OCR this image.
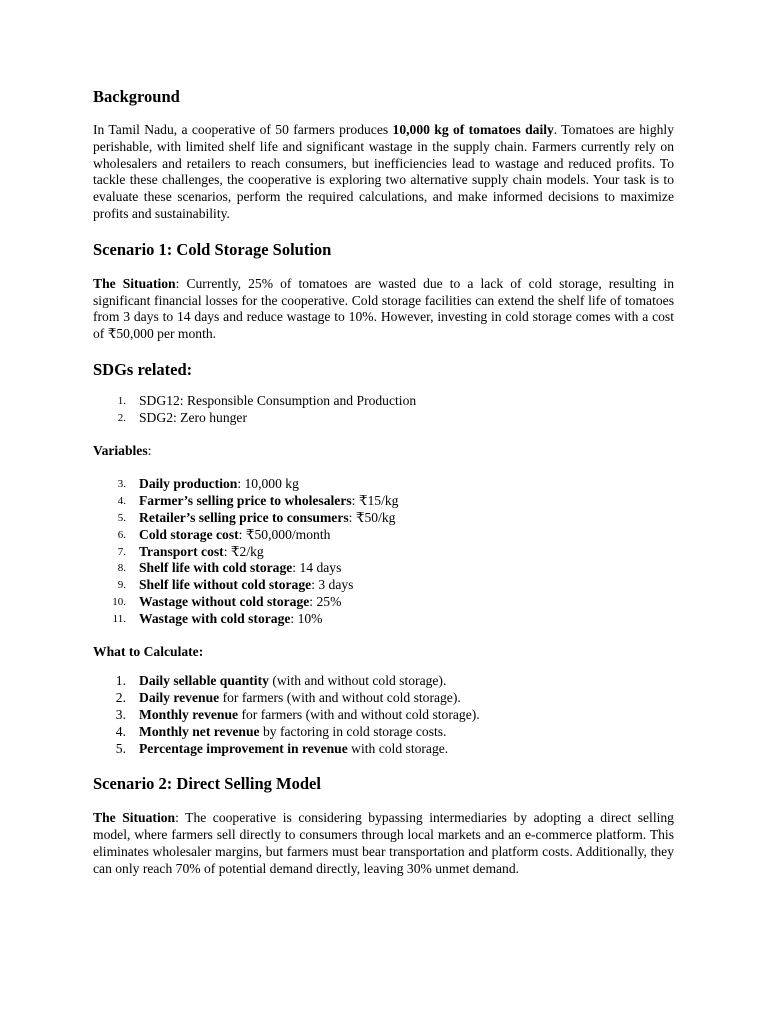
Background

In Tamil Nadu, a cooperative of 50 farmers produces 10,000 kg of tomatoes daily. Tomatoes are highly perishable, with limited shelf life and significant wastage in the supply chain. Farmers currently rely on wholesalers and retailers to reach consumers, but inefficiencies lead to wastage and reduced profits. To tackle these challenges, the cooperative is exploring two alternative supply chain models. Your task is to evaluate these scenarios, perform the required calculations, and make informed decisions to maximize profits and sustainability.

Scenario 1: Cold Storage Solution

The Situation: Currently, 25% of tomatoes are wasted due to a lack of cold storage, resulting in significant financial losses for the cooperative. Cold storage facilities can extend the shelf life of tomatoes from 3 days to 14 days and reduce wastage to 10%. However, investing in cold storage comes with a cost of ₹50,000 per month.

SDGs related:
1. SDG12: Responsible Consumption and Production
2. SDG2: Zero hunger
Variables:
3. Daily production: 10,000 kg
4. Farmer’s selling price to wholesalers: ₹15/kg
5. Retailer’s selling price to consumers: ₹50/kg
6. Cold storage cost: ₹50,000/month
7. Transport cost: ₹2/kg
8. Shelf life with cold storage: 14 days
9. Shelf life without cold storage: 3 days
10. Wastage without cold storage: 25%
11. Wastage with cold storage: 10%
What to Calculate:
1. Daily sellable quantity (with and without cold storage).
2. Daily revenue for farmers (with and without cold storage).
3. Monthly revenue for farmers (with and without cold storage).
4. Monthly net revenue by factoring in cold storage costs.
5. Percentage improvement in revenue with cold storage.
Scenario 2: Direct Selling Model

The Situation: The cooperative is considering bypassing intermediaries by adopting a direct selling model, where farmers sell directly to consumers through local markets and an e-commerce platform. This eliminates wholesaler margins, but farmers must bear transportation and platform costs. Additionally, they can only reach 70% of potential demand directly, leaving 30% unmet demand.
